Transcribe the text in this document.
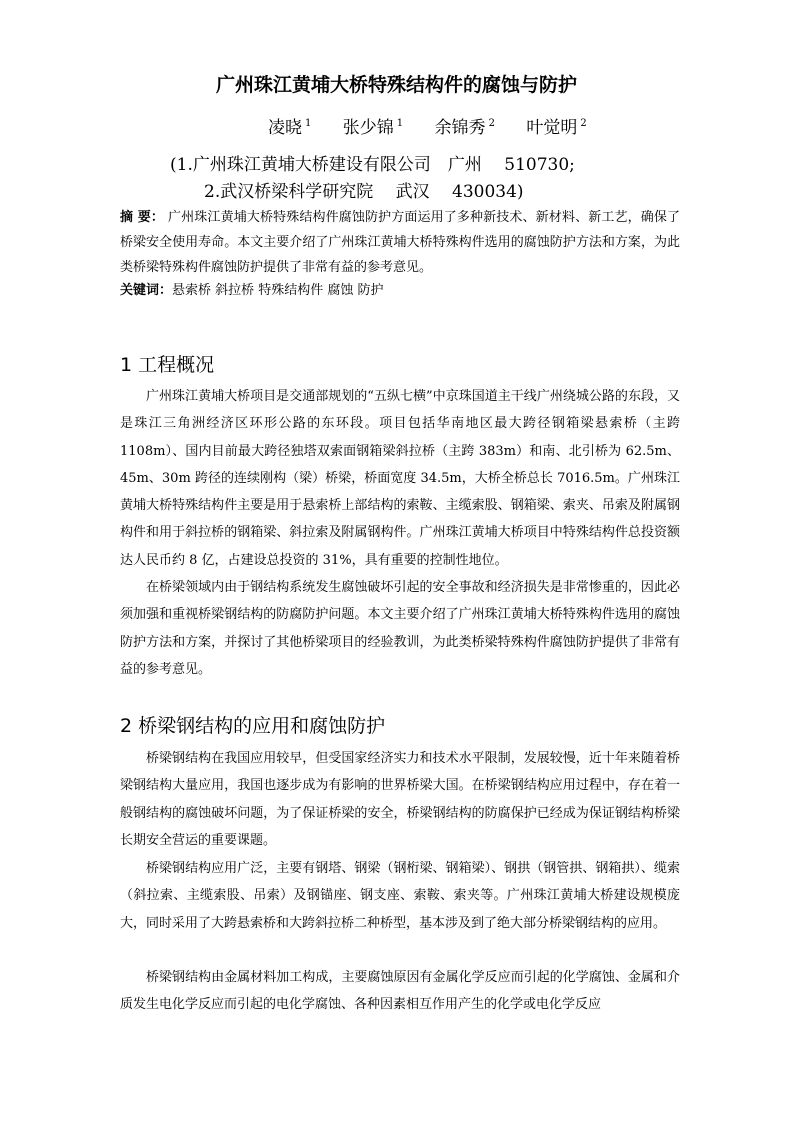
广州珠江黄埔大桥特殊结构件的腐蚀与防护
凌晓 $^1$ 张少锦 $^1$ 余锦秀 $^2$ 叶觉明 $^2$
(1.广州珠江黄埔大桥建设有限公司　广州　 510730;
2.武汉桥梁科学研究院　 武汉　 430034)
摘 要： 广州珠江黄埔大桥特殊结构件腐蚀防护方面运用了多种新技术、新材料、新工艺，确保了桥梁安全使用寿命。本文主要介绍了广州珠江黄埔大桥特殊构件选用的腐蚀防护方法和方案，为此类桥梁特殊构件腐蚀防护提供了非常有益的参考意见。
关键词：悬索桥 斜拉桥 特殊结构件 腐蚀 防护
1 工程概况

广州珠江黄埔大桥项目是交通部规划的“五纵七横”中京珠国道主干线广州绕城公路的东段，又是珠江三角洲经济区环形公路的东环段。项目包括华南地区最大跨径钢箱梁悬索桥（主跨 1108m）、国内目前最大跨径独塔双索面钢箱梁斜拉桥（主跨 383m）和南、北引桥为 62.5m、45m、30m 跨径的连续刚构（梁）桥梁，桥面宽度 34.5m，大桥全桥总长 7016.5m。广州珠江黄埔大桥特殊结构件主要是用于悬索桥上部结构的索鞍、主缆索股、钢箱梁、索夹、吊索及附属钢构件和用于斜拉桥的钢箱梁、斜拉索及附属钢构件。广州珠江黄埔大桥项目中特殊结构件总投资额达人民币约 8 亿，占建设总投资的 31%，具有重要的控制性地位。

在桥梁领域内由于钢结构系统发生腐蚀破坏引起的安全事故和经济损失是非常惨重的，因此必须加强和重视桥梁钢结构的防腐防护问题。本文主要介绍了广州珠江黄埔大桥特殊构件选用的腐蚀防护方法和方案，并探讨了其他桥梁项目的经验教训，为此类桥梁特殊构件腐蚀防护提供了非常有益的参考意见。

2 桥梁钢结构的应用和腐蚀防护

桥梁钢结构在我国应用较早，但受国家经济实力和技术水平限制，发展较慢，近十年来随着桥梁钢结构大量应用，我国也逐步成为有影响的世界桥梁大国。在桥梁钢结构应用过程中，存在着一般钢结构的腐蚀破坏问题，为了保证桥梁的安全，桥梁钢结构的防腐保护已经成为保证钢结构桥梁长期安全营运的重要课题。

桥梁钢结构应用广泛，主要有钢塔、钢梁（钢桁梁、钢箱梁）、钢拱（钢管拱、钢箱拱）、缆索（斜拉索、主缆索股、吊索）及钢锚座、钢支座、索鞍、索夹等。广州珠江黄埔大桥建设规模庞大，同时采用了大跨悬索桥和大跨斜拉桥二种桥型，基本涉及到了绝大部分桥梁钢结构的应用。

桥梁钢结构由金属材料加工构成，主要腐蚀原因有金属化学反应而引起的化学腐蚀、金属和介质发生电化学反应而引起的电化学腐蚀、各种因素相互作用产生的化学或电化学反应
